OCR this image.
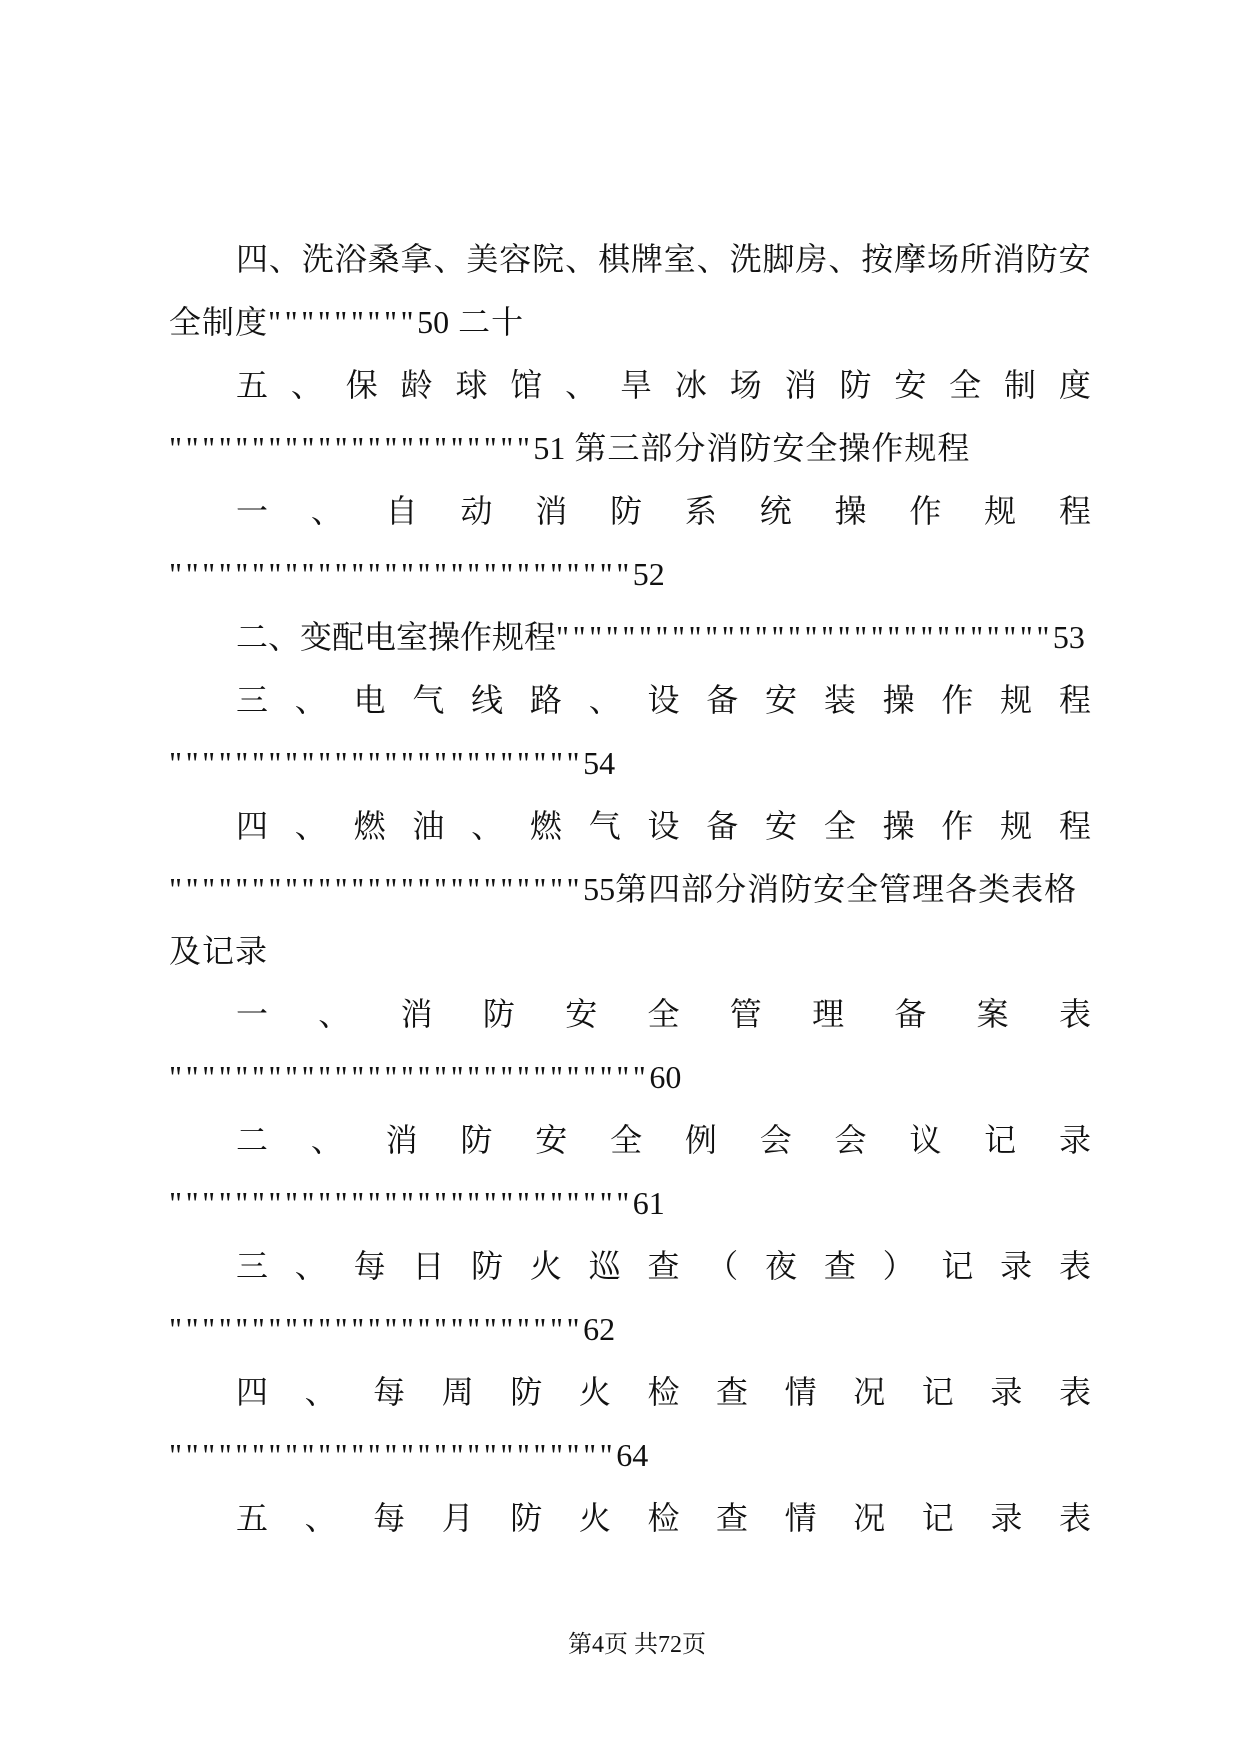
四 、 洗 浴 桑 拿 、 美 容 院 、 棋 牌 室 、 洗 脚 房 、 按 摩 场 所 消 防 安
全制度"""""""""50 二十
五 、 保 龄 球 馆 、 旱 冰 场 消 防 安 全 制 度
""""""""""""""""""""""51 第三部分消防安全操作规程
一 、 自 动 消 防 系 统 操 作 规 程
""""""""""""""""""""""""""""52
二、变配电室操作规程""""""""""""""""""""""""""""""53
三 、 电 气 线 路 、 设 备 安 装 操 作 规 程
"""""""""""""""""""""""""54
四 、 燃 油 、 燃 气 设 备 安 全 操 作 规 程
"""""""""""""""""""""""""55第四部分消防安全管理各类表格
及记录
一 、 消 防 安 全 管 理 备 案 表
"""""""""""""""""""""""""""""60
二 、 消 防 安 全 例 会 会 议 记 录
""""""""""""""""""""""""""""61
三 、 每 日 防 火 巡 查 （ 夜 查 ） 记 录 表
"""""""""""""""""""""""""62
四 、 每 周 防 火 检 查 情 况 记 录 表
"""""""""""""""""""""""""""64
五 、 每 月 防 火 检 查 情 况 记 录 表
第4页 共72页
